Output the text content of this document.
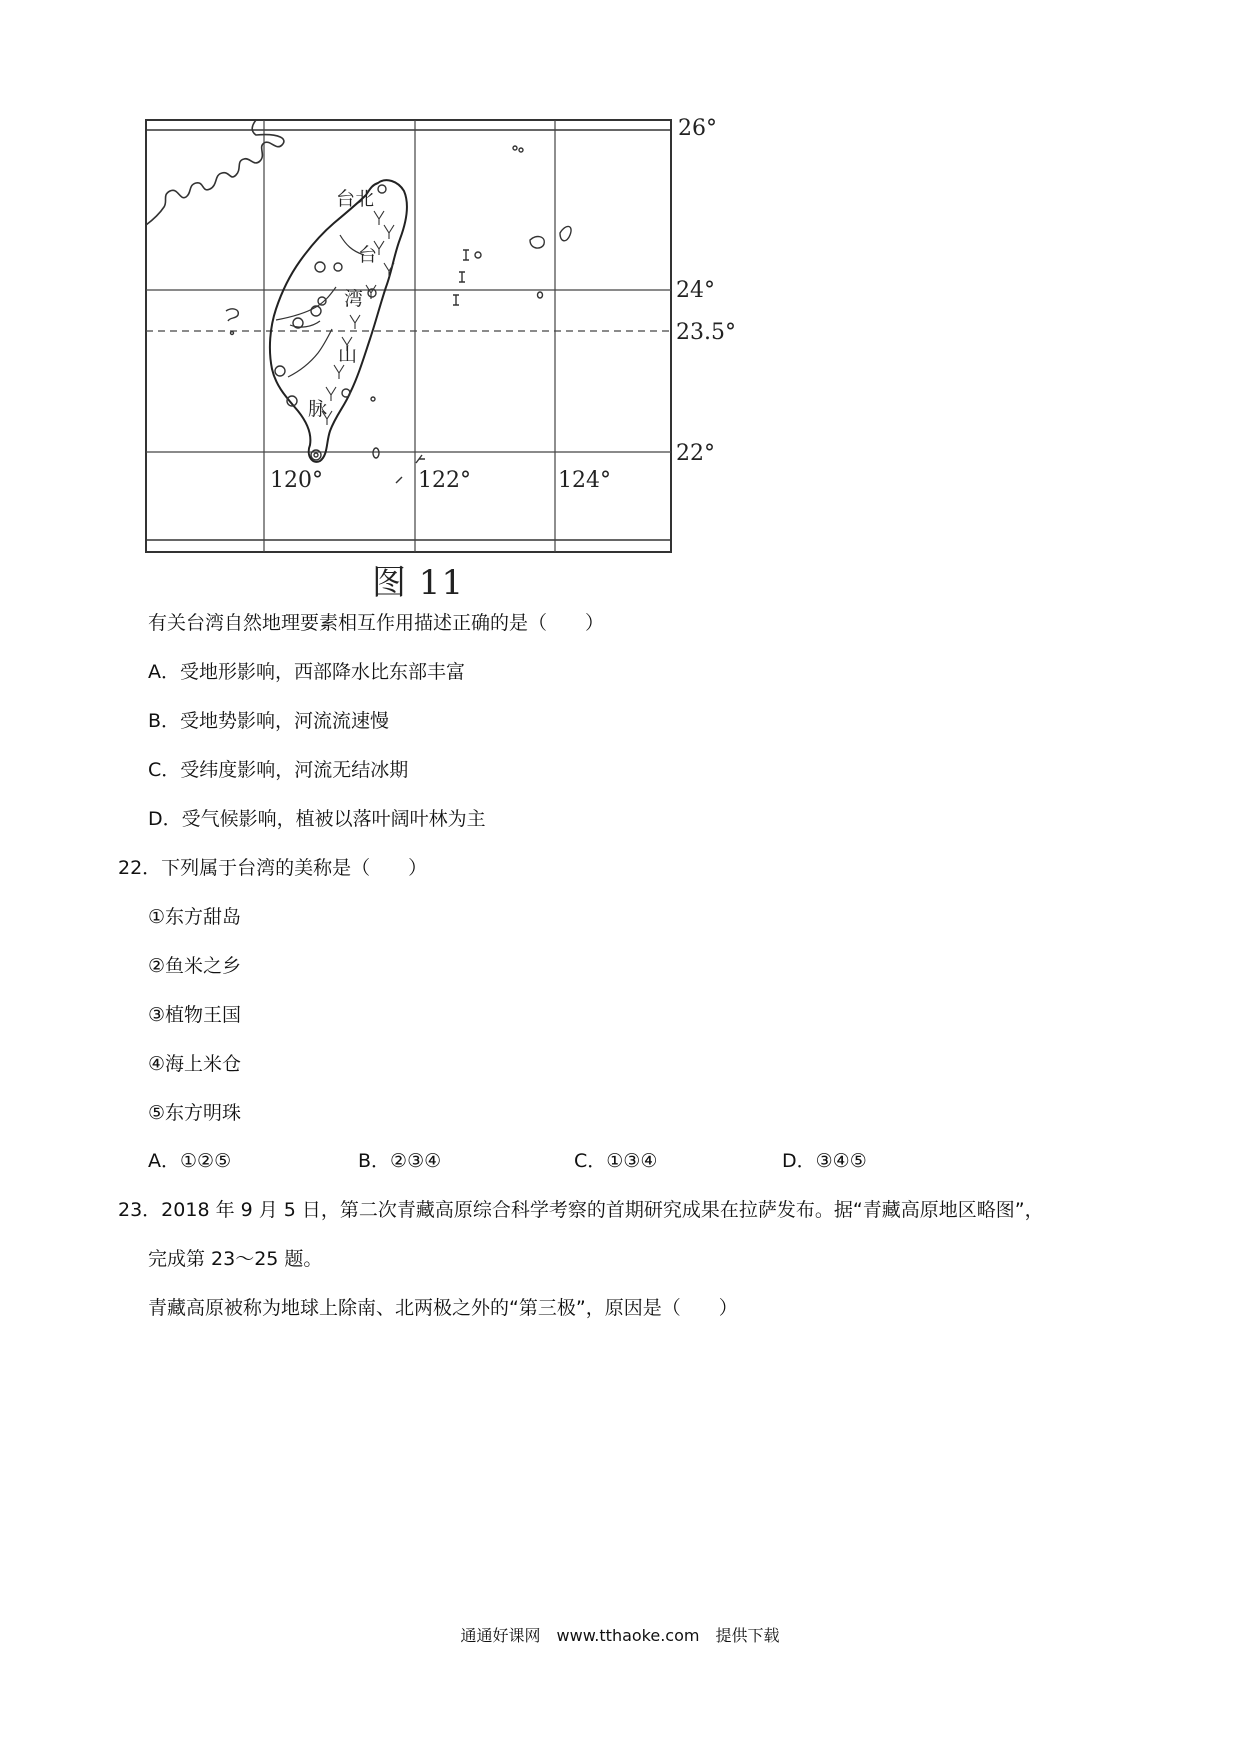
台北
台
湾
山
脉
26°
24°
23.5°
22°
120°	122°	124°
图 11
有关台湾自然地理要素相互作用描述正确的是（　　）
A．受地形影响，西部降水比东部丰富
B．受地势影响，河流流速慢
C．受纬度影响，河流无结冰期
D．受气候影响，植被以落叶阔叶林为主
22．下列属于台湾的美称是（　　）
①东方甜岛
②鱼米之乡
③植物王国
④海上米仓
⑤东方明珠
A．①②⑤	B．②③④	C．①③④	D．③④⑤
23．2018 年 9 月 5 日，第二次青藏高原综合科学考察的首期研究成果在拉萨发布。据“青藏高原地区略图”，
完成第 23～25 题。
青藏高原被称为地球上除南、北两极之外的“第三极”，原因是（　　）
通通好课网　www.tthaoke.com　提供下载
